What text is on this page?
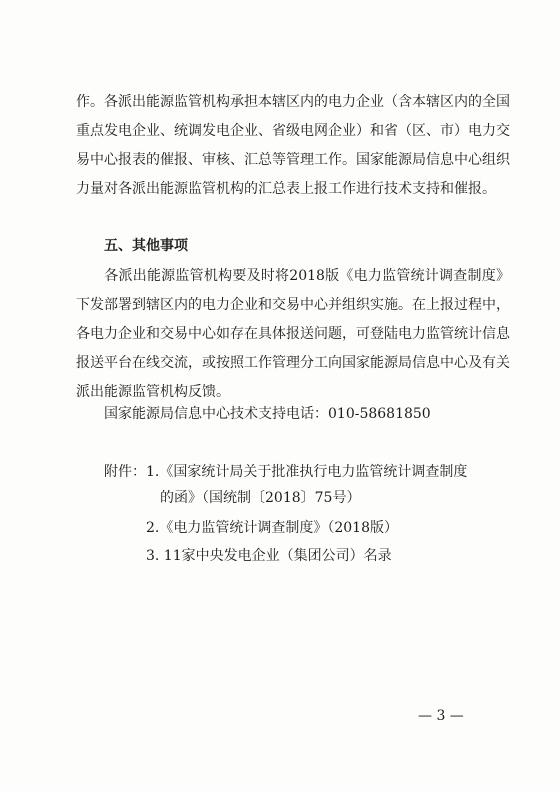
作。各派出能源监管机构承担本辖区内的电力企业（含本辖区内的全国重点发电企业、统调发电企业、省级电网企业）和省（区、市）电力交易中心报表的催报、审核、汇总等管理工作。国家能源局信息中心组织力量对各派出能源监管机构的汇总表上报工作进行技术支持和催报。
五、其他事项
各派出能源监管机构要及时将2018版《电力监管统计调查制度》下发部署到辖区内的电力企业和交易中心并组织实施。在上报过程中，各电力企业和交易中心如存在具体报送问题，可登陆电力监管统计信息报送平台在线交流，或按照工作管理分工向国家能源局信息中心及有关派出能源监管机构反馈。
国家能源局信息中心技术支持电话：010-58681850
附件： 1.《国家统计局关于批准执行电力监管统计调查制度
的函》（国统制〔2018〕75号）
2.《电力监管统计调查制度》（2018版）
3. 11家中央发电企业（集团公司）名录
— 3 —
